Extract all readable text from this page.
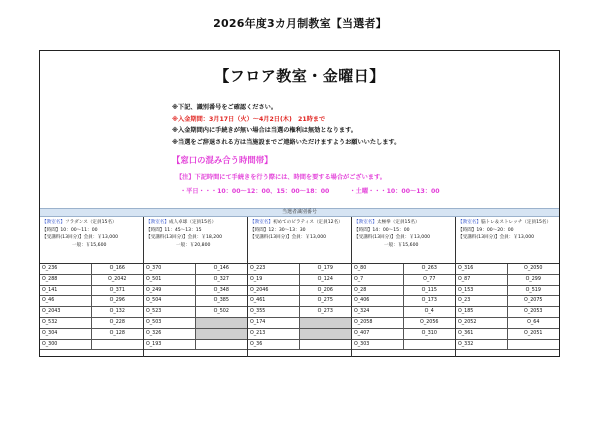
2026年度3カ月制教室【当選者】
【フロア教室・金曜日】
※下記、識別番号をご確認ください。
※入金期間：3月17日（火）～4月2日(木)　21時まで
※入金期間内に手続きが無い場合は当選の権利は無効となります。
※当選をご辞退される方は当施設までご連絡いただけますようお願いいたします。
【窓口の混み合う時間帯】
【注】下記時間にて手続きを行う際には、時間を要する場合がございます。
・平日・・・10：00～12：00、15：00～18：00	・土曜・・・10：00～13：00
当選者識別番号
【教室名】フラダンス（定員15名）
【時間】10：00～11：00
【受講料(13回分)】会員：￥13,000
一般：￥15,600
O_236	O_166
O_288	O_2042
O_141	O_371
O_46	O_296
O_2043	O_132
O_532	O_228
O_304	O_128
O_300
【教室名】成人卓球（定員15名）
【時間】11：45～13：15
【受講料(13回分)】会員：￥18,200
一般：￥20,800
O_370	O_146
O_501	O_327
O_249	O_348
O_504	O_385
O_523	O_502
O_503
O_326
O_193
【教室名】初めてのピラティス（定員12名）
【時間】12：30～13：30
【受講料(13回分)】会員：￥13,000
O_223	O_179
O_19	O_124
O_2046	O_206
O_461	O_275
O_355	O_273
O_174
O_213
O_36
【教室名】太極拳（定員15名）
【時間】14：00～15：00
【受講料(13回分)】会員：￥13,000
一般：￥15,600
O_80	O_263
O_7	O_77
O_28	O_115
O_406	O_173
O_324	O_4
O_2058	O_2056
O_407	O_310
O_303
【教室名】脳トレ＆ストレッチ（定員15名）
【時間】19：00～20：00
【受講料(13回分)】会員：￥13,000
O_316	O_2050
O_87	O_299
O_153	O_519
O_23	O_2075
O_185	O_2053
O_2052	O_64
O_361	O_2051
O_332
